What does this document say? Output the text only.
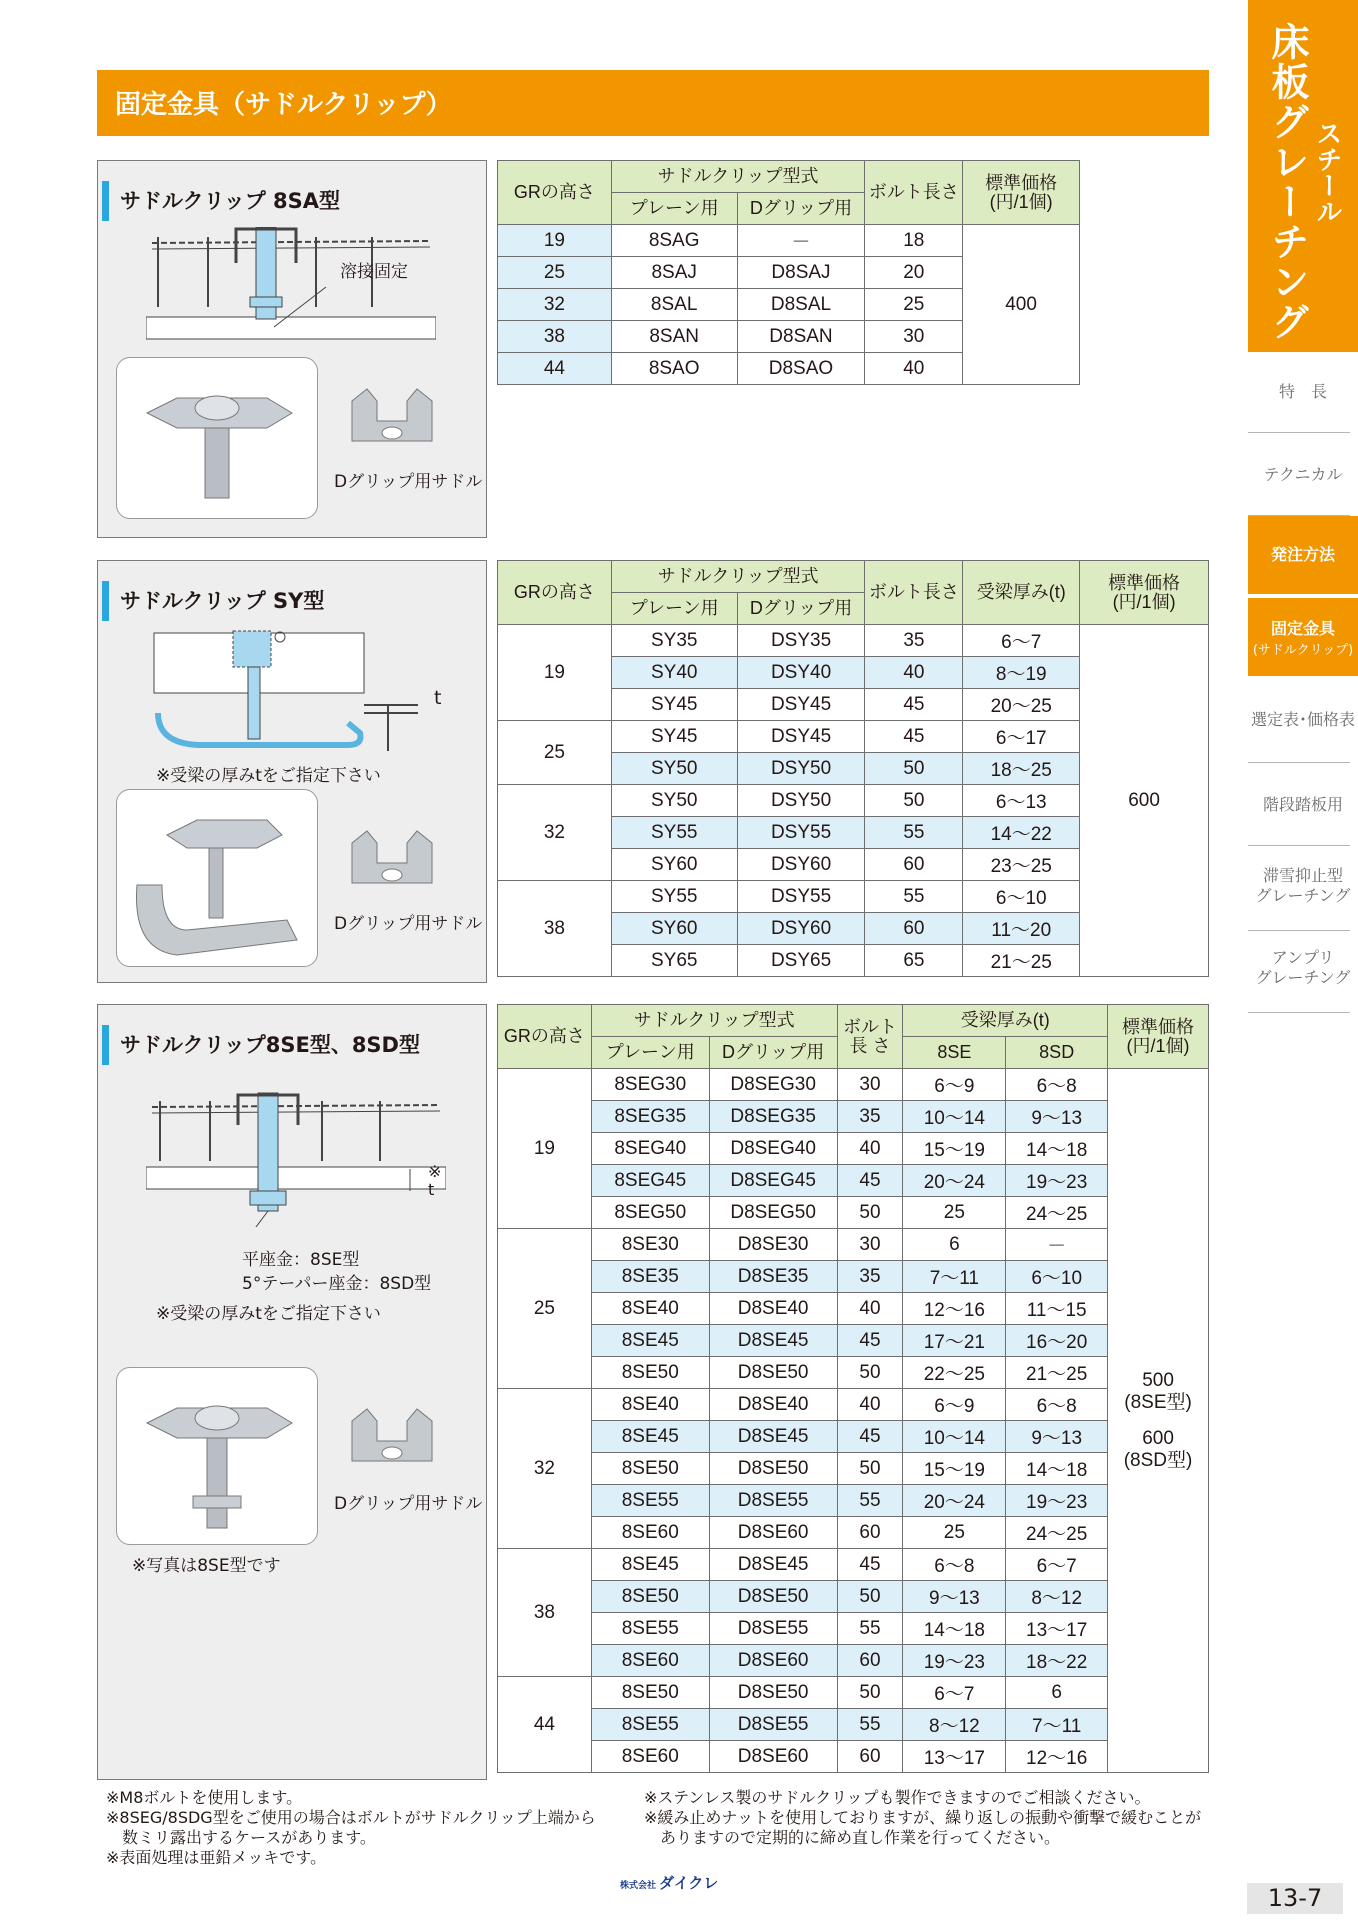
固定金具（サドルクリップ）	床板グレーチング スチール
特　長
テクニカル
発注方法
固定金具
(サドルクリップ)
選定表･価格表
階段踏板用
滞雪抑止型
グレーチング
アンプリ
グレーチング
サドルクリップ 8SA型
溶接固定
Dグリップ用サドル
GRの高さ	サドルクリップ型式		ボルト長さ	標準価格
(円/1個)
	プレーン用	Dグリップ用		
19	8SAG	－	18	400
25	8SAJ	D8SAJ	20	
32	8SAL	D8SAL	25	
38	8SAN	D8SAN	30	
44	8SAO	D8SAO	40	
サドルクリップ SY型
t
※受梁の厚みtをご指定下さい
Dグリップ用サドル
GRの高さ	サドルクリップ型式		ボルト長さ	受梁厚み(t)	標準価格
(円/1個)
	プレーン用	Dグリップ用			
19	SY35	DSY35	35	6〜7	600
	SY40	DSY40	40	8〜19	
	SY45	DSY45	45	20〜25	
25	SY45	DSY45	45	6〜17	
	SY50	DSY50	50	18〜25	
32	SY50	DSY50	50	6〜13	
	SY55	DSY55	55	14〜22	
	SY60	DSY60	60	23〜25	
38	SY55	DSY55	55	6〜10	
	SY60	DSY60	60	11〜20	
	SY65	DSY65	65	21〜25	
サドルクリップ8SE型、8SD型
※
t
平座金：8SE型
5°テーパー座金：8SD型
※受梁の厚みtをご指定下さい
Dグリップ用サドル
※写真は8SE型です
GRの高さ	サドルクリップ型式		ボルト
長 さ	受梁厚み(t)		標準価格
(円/1個)
	プレーン用	Dグリップ用		8SE	8SD	
19	8SEG30	D8SEG30	30	6〜9	6〜8	500
(8SE型)
600
(8SD型)

	8SEG35	D8SEG35	35	10〜14	9〜13	
	8SEG40	D8SEG40	40	15〜19	14〜18	
	8SEG45	D8SEG45	45	20〜24	19〜23	
	8SEG50	D8SEG50	50	25	24〜25	
25	8SE30	D8SE30	30	6	－	
	8SE35	D8SE35	35	7〜11	6〜10	
	8SE40	D8SE40	40	12〜16	11〜15	
	8SE45	D8SE45	45	17〜21	16〜20	
	8SE50	D8SE50	50	22〜25	21〜25	
32	8SE40	D8SE40	40	6〜9	6〜8	
	8SE45	D8SE45	45	10〜14	9〜13	
	8SE50	D8SE50	50	15〜19	14〜18	
	8SE55	D8SE55	55	20〜24	19〜23	
	8SE60	D8SE60	60	25	24〜25	
38	8SE45	D8SE45	45	6〜8	6〜7	
	8SE50	D8SE50	50	9〜13	8〜12	
	8SE55	D8SE55	55	14〜18	13〜17	
	8SE60	D8SE60	60	19〜23	18〜22	
44	8SE50	D8SE50	50	6〜7	6	
	8SE55	D8SE55	55	8〜12	7〜11	
	8SE60	D8SE60	60	13〜17	12〜16	
※M8ボルトを使用します。
※8SEG/8SDG型をご使用の場合はボルトがサドルクリップ上端から
　数ミリ露出するケースがあります。
※表面処理は亜鉛メッキです。
※ステンレス製のサドルクリップも製作できますのでご相談ください。
※緩み止めナットを使用しておりますが、繰り返しの振動や衝撃で緩むことが
　ありますので定期的に締め直し作業を行ってください。
株式会社 ダイクレ
13-7
